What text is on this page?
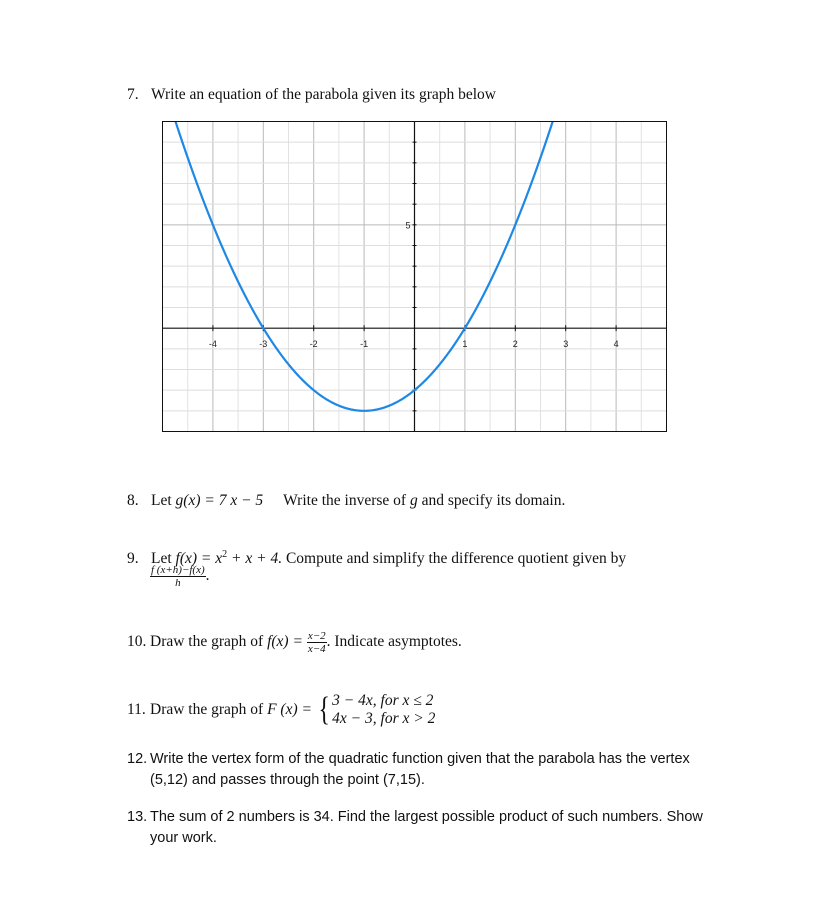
7. Write an equation of the parabola given its graph below
-4	-3	-2	-1	1	2	3	4
5
8. Let g(x) = 7 x − 5 Write the inverse of g and specify its domain.
9. Let $f(x) = x^2 + x + 4$. Compute and simplify the difference quotient given by
$\frac{f (x+h)-f(x)}{h}$ .
10. Draw the graph of $f(x) = \frac{x-2}{x-4}$ . Indicate asymptotes.
11. Draw the graph of F (x) = { 3 − 4x, for x ≤ 2
4x − 3, for x > 2
12. Write the vertex form of the quadratic function given that the parabola has the vertex
(5,12) and passes through the point (7,15).
13. The sum of 2 numbers is 34. Find the largest possible product of such numbers. Show
your work.
